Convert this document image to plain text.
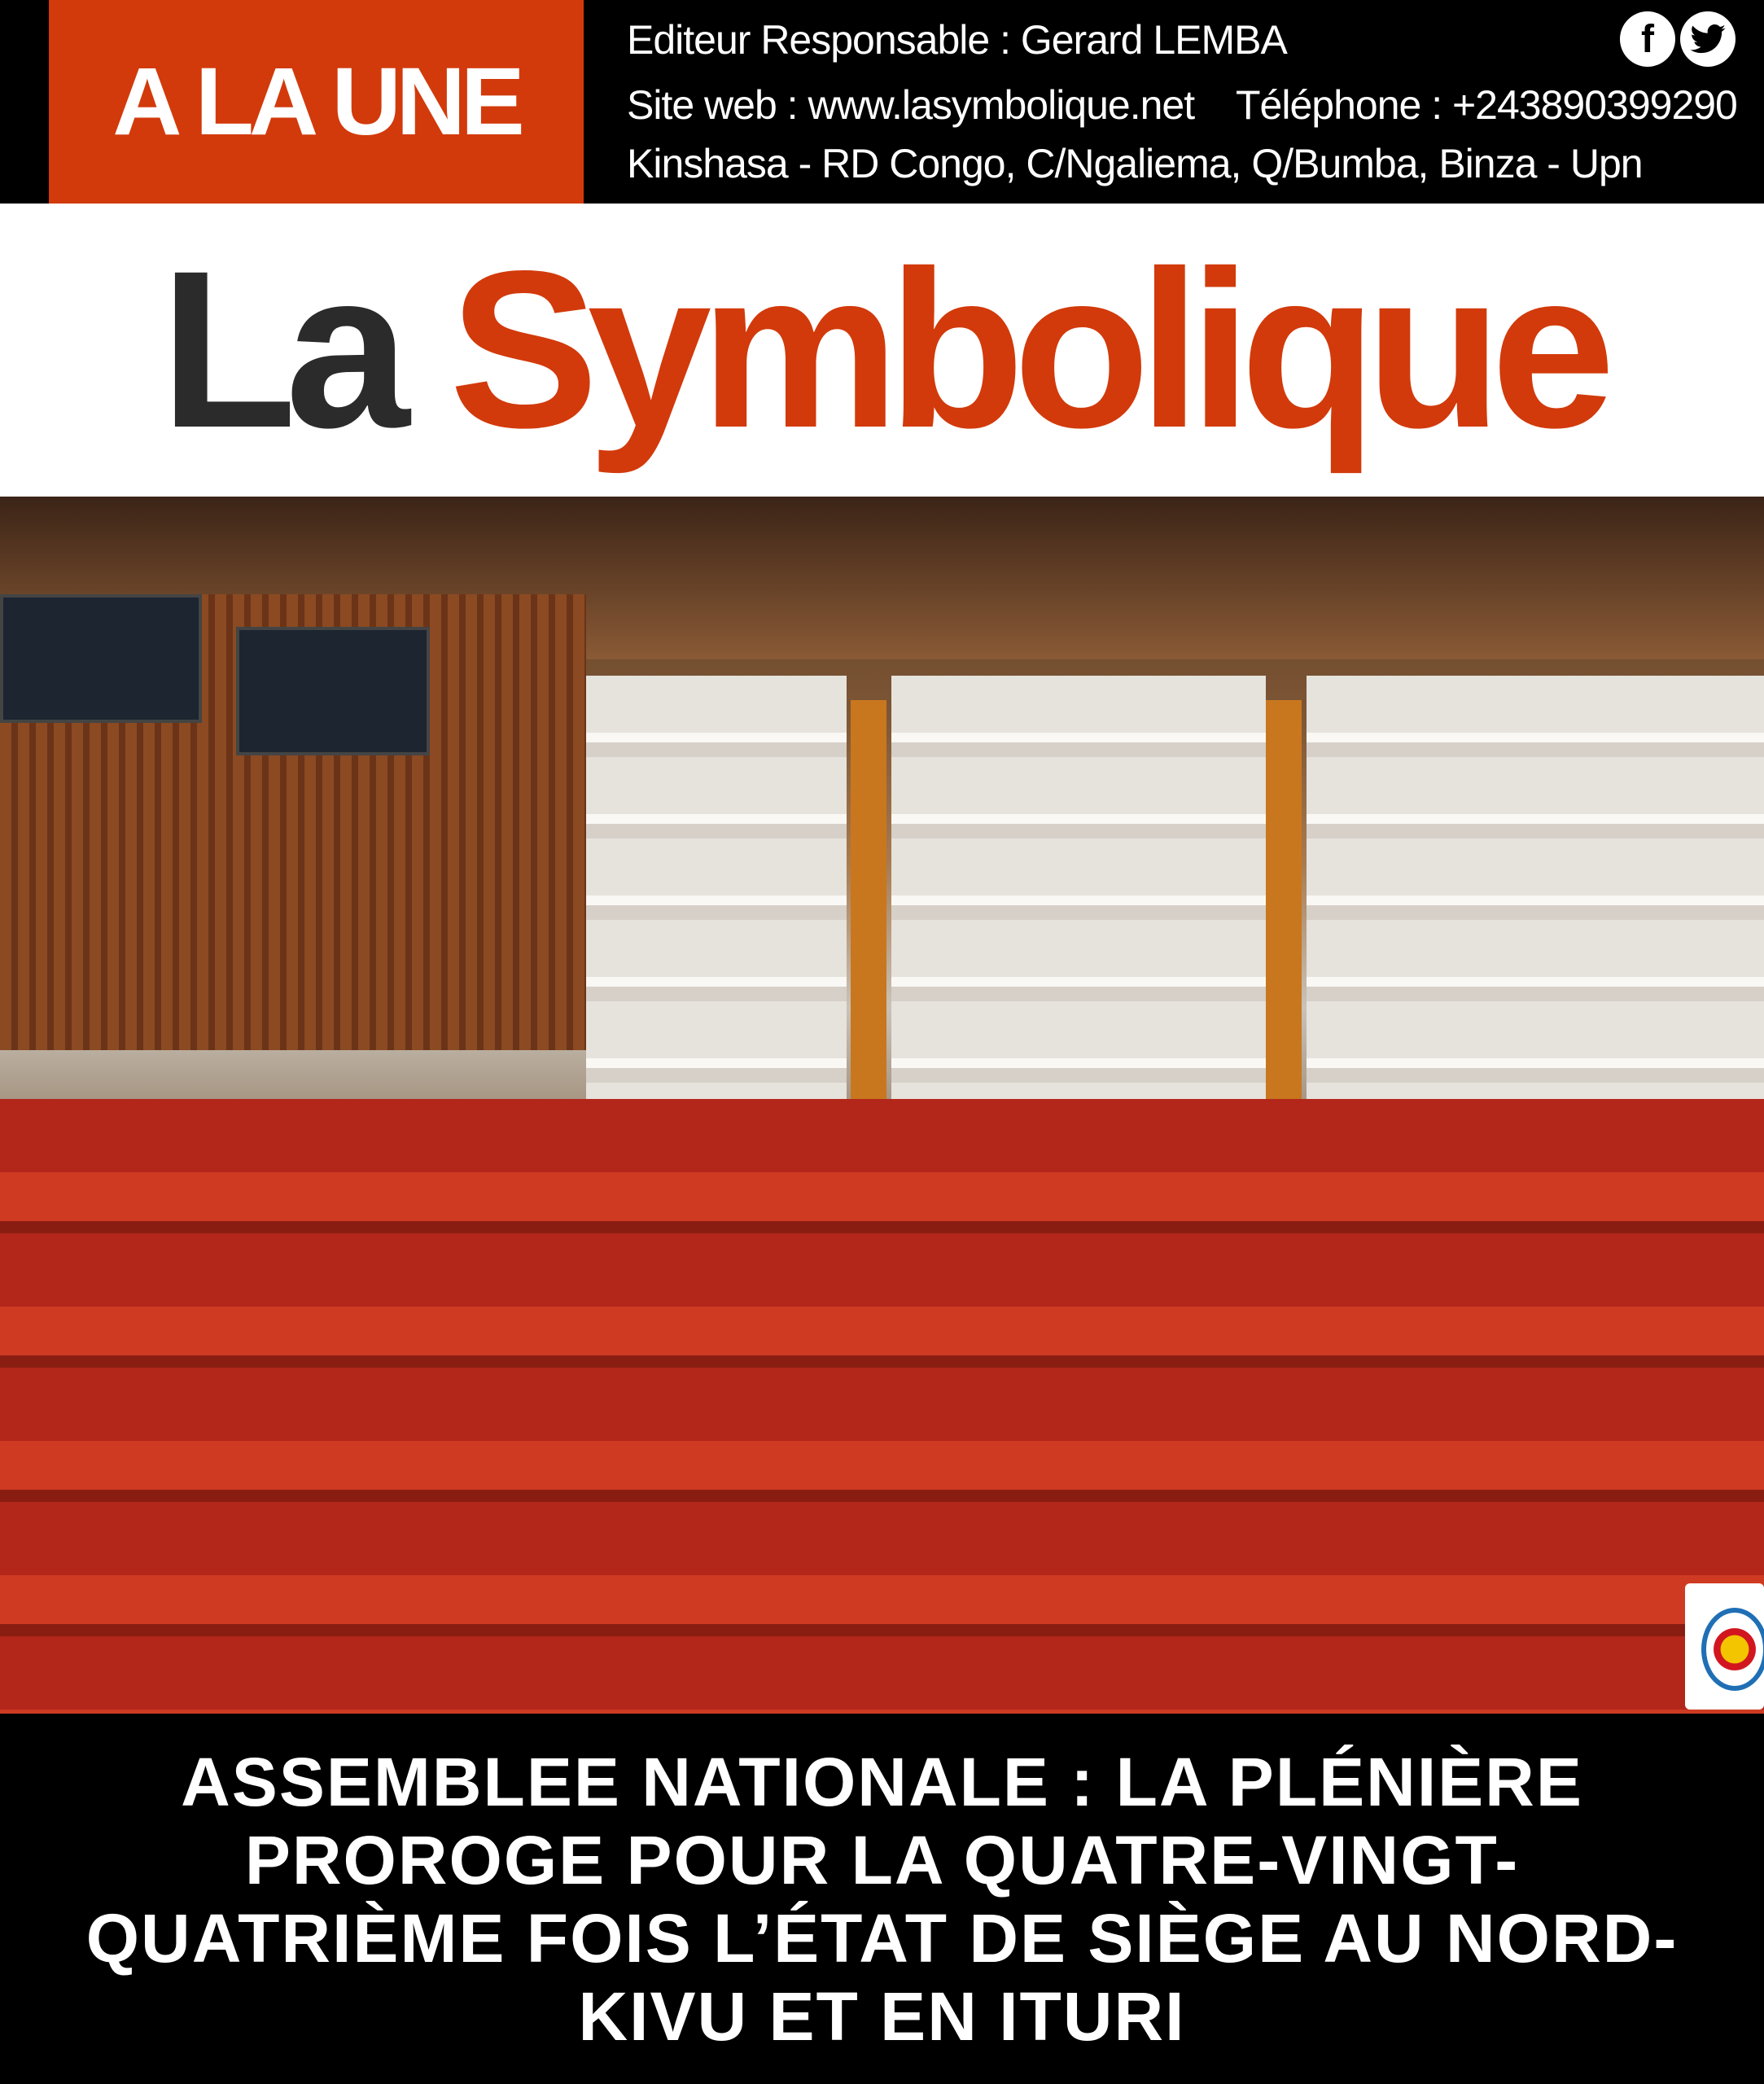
A LA UNE
Editeur Responsable : Gerard LEMBA
Site web : www.lasymbolique.net Téléphone : +243890399290
Kinshasa - RD Congo, C/Ngaliema, Q/Bumba, Binza - Upn
f
La Symbolique
ASSEMBLEE NATIONALE : LA PLÉNIÈRE PROROGE POUR LA QUATRE-VINGT-QUATRIÈME FOIS L’ÉTAT DE SIÈGE AU NORD-KIVU ET EN ITURI
